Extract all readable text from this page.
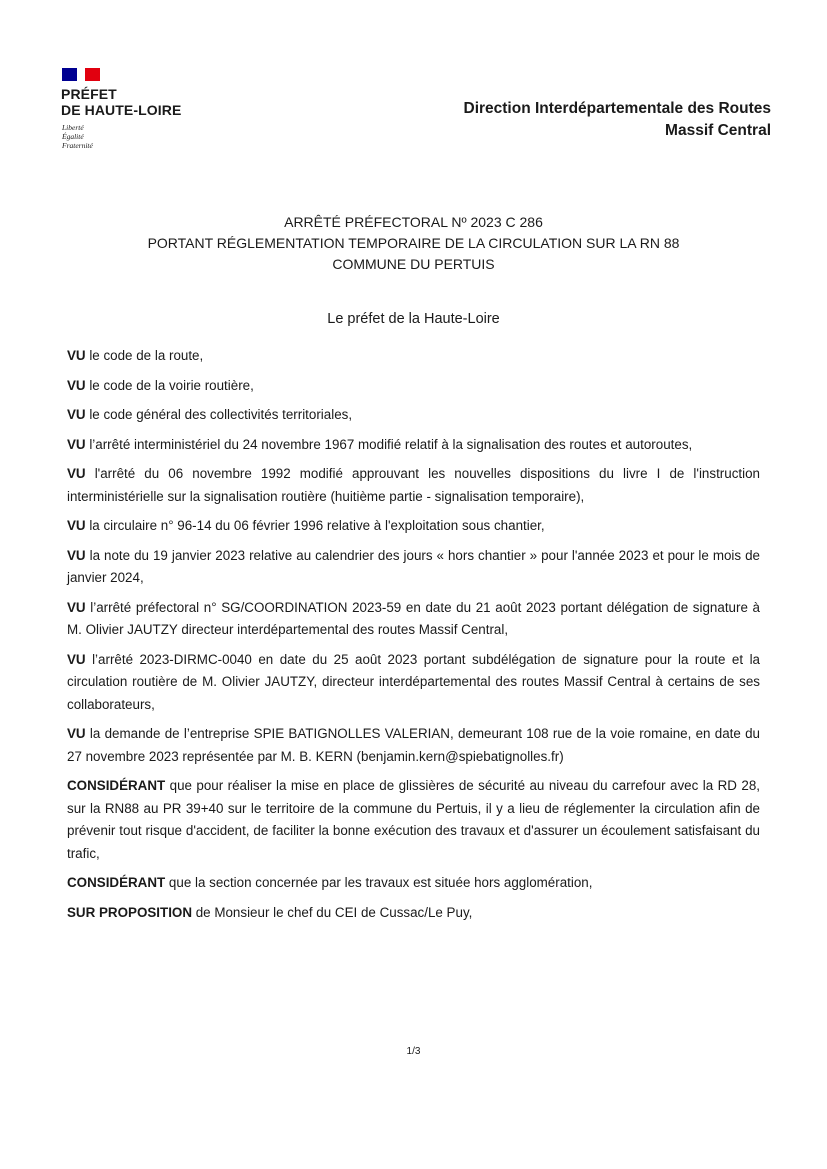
PRÉFET
DE HAUTE-LOIRE
Liberté
Égalité
Fraternité
Direction Interdépartementale des Routes
Massif Central
ARRÊTÉ PRÉFECTORAL Nº 2023 C 286
PORTANT RÉGLEMENTATION TEMPORAIRE DE LA CIRCULATION SUR LA RN 88
COMMUNE DU PERTUIS
Le préfet de la Haute-Loire

VU le code de la route,

VU le code de la voirie routière,

VU le code général des collectivités territoriales,

VU l’arrêté interministériel du 24 novembre 1967 modifié relatif à la signalisation des routes et autoroutes,

VU l'arrêté du 06 novembre 1992 modifié approuvant les nouvelles dispositions du livre I de l'instruction interministérielle sur la signalisation routière (huitième partie - signalisation temporaire),

VU la circulaire n° 96-14 du 06 février 1996 relative à l'exploitation sous chantier,

VU la note du 19 janvier 2023 relative au calendrier des jours « hors chantier » pour l'année 2023 et pour le mois de janvier 2024,

VU l’arrêté préfectoral n° SG/COORDINATION 2023-59 en date du 21 août 2023 portant délégation de signature à M. Olivier JAUTZY directeur interdépartemental des routes Massif Central,

VU l’arrêté 2023-DIRMC-0040 en date du 25 août 2023 portant subdélégation de signature pour la route et la circulation routière de M. Olivier JAUTZY, directeur interdépartemental des routes Massif Central à certains de ses collaborateurs,

VU la demande de l’entreprise SPIE BATIGNOLLES VALERIAN, demeurant 108 rue de la voie romaine, en date du 27 novembre 2023 représentée par M. B. KERN (benjamin.kern@spiebatignolles.fr)

CONSIDÉRANT que pour réaliser la mise en place de glissières de sécurité au niveau du carrefour avec la RD 28, sur la RN88 au PR 39+40 sur le territoire de la commune du Pertuis, il y a lieu de réglementer la circulation afin de prévenir tout risque d'accident, de faciliter la bonne exécution des travaux et d'assurer un écoulement satisfaisant du trafic,

CONSIDÉRANT que la section concernée par les travaux est située hors agglomération,

SUR PROPOSITION de Monsieur le chef du CEI de Cussac/Le Puy,

1/3
